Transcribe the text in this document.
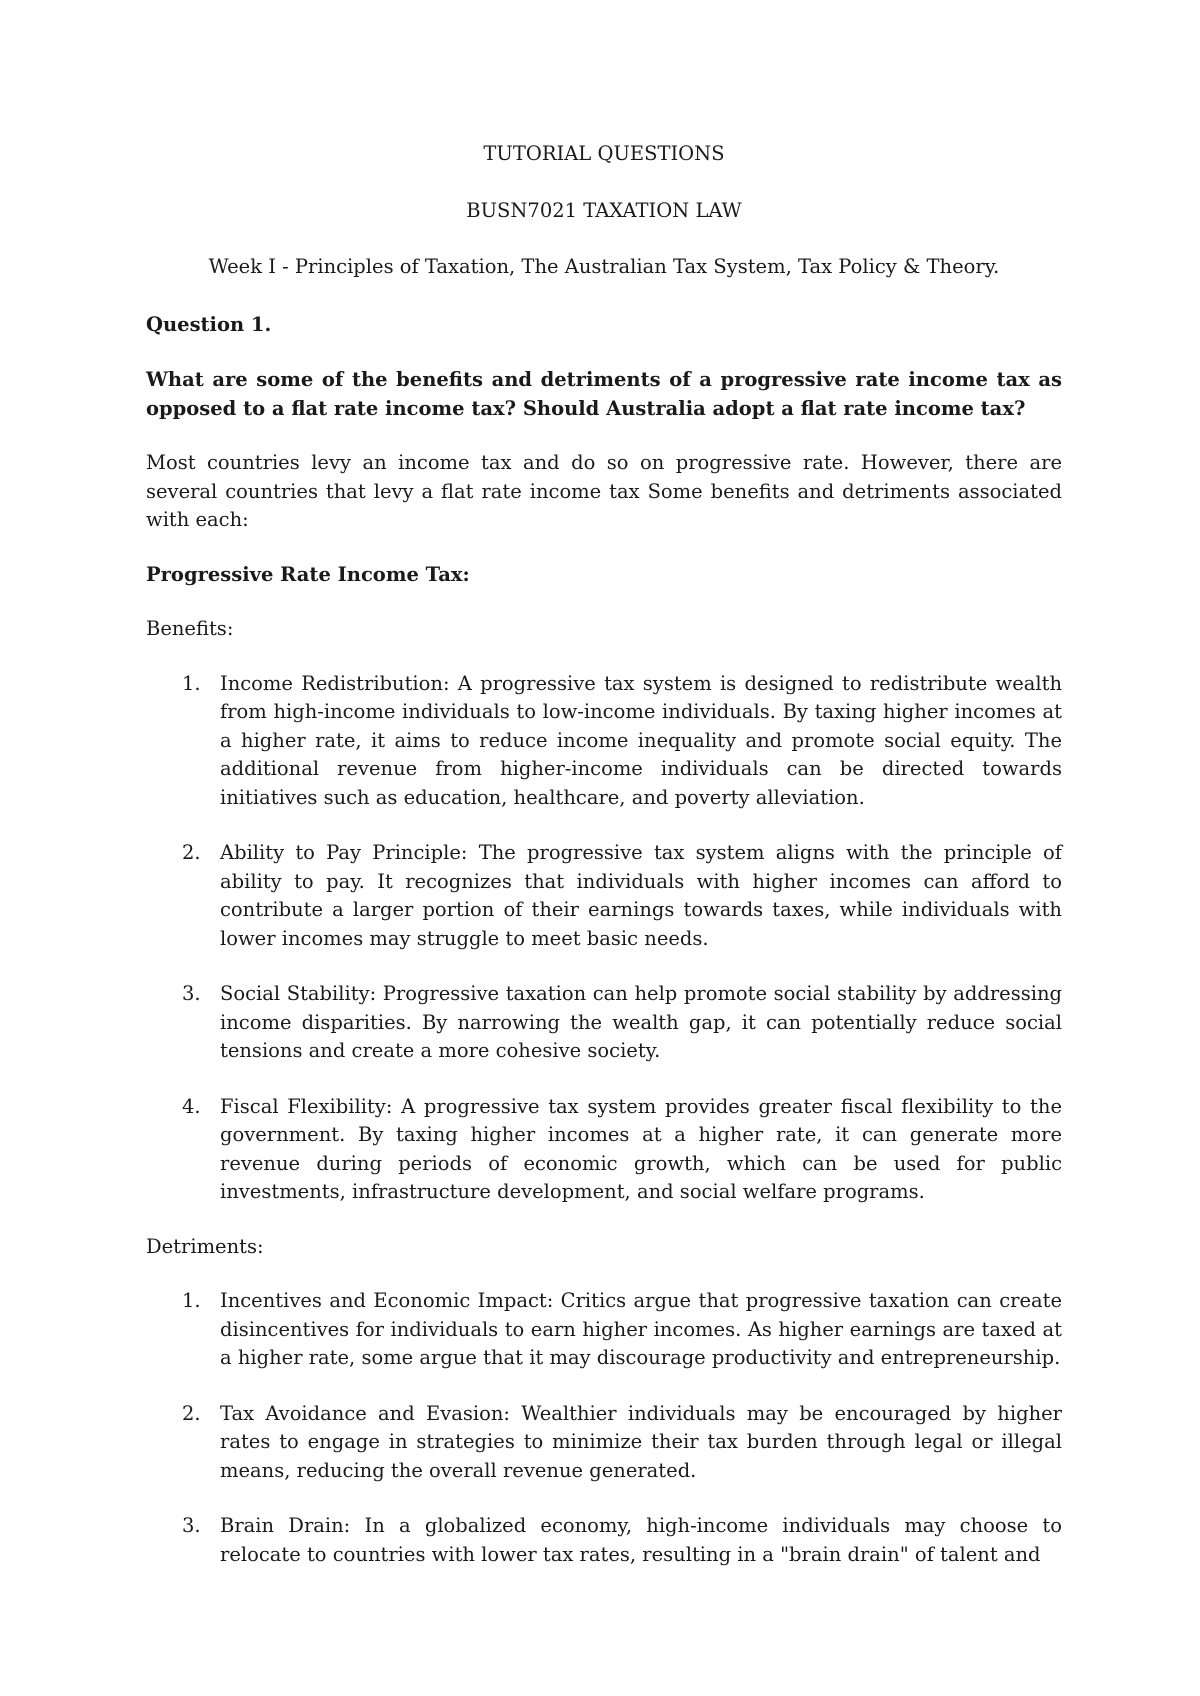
TUTORIAL QUESTIONS

BUSN7021 TAXATION LAW

Week I - Principles of Taxation, The Australian Tax System, Tax Policy & Theory.

Question 1.

What are some of the benefits and detriments of a progressive rate income tax as opposed to a flat rate income tax? Should Australia adopt a flat rate income tax?

Most countries levy an income tax and do so on progressive rate. However, there are several countries that levy a flat rate income tax Some benefits and detriments associated with each:

Progressive Rate Income Tax:

Benefits:

1. Income Redistribution: A progressive tax system is designed to redistribute wealth from high-income individuals to low-income individuals. By taxing higher incomes at a higher rate, it aims to reduce income inequality and promote social equity. The additional revenue from higher-income individuals can be directed towards initiatives such as education, healthcare, and poverty alleviation.
2. Ability to Pay Principle: The progressive tax system aligns with the principle of ability to pay. It recognizes that individuals with higher incomes can afford to contribute a larger portion of their earnings towards taxes, while individuals with lower incomes may struggle to meet basic needs.
3. Social Stability: Progressive taxation can help promote social stability by addressing income disparities. By narrowing the wealth gap, it can potentially reduce social tensions and create a more cohesive society.
4. Fiscal Flexibility: A progressive tax system provides greater fiscal flexibility to the government. By taxing higher incomes at a higher rate, it can generate more revenue during periods of economic growth, which can be used for public investments, infrastructure development, and social welfare programs.

Detriments:

1. Incentives and Economic Impact: Critics argue that progressive taxation can create disincentives for individuals to earn higher incomes. As higher earnings are taxed at a higher rate, some argue that it may discourage productivity and entrepreneurship.
2. Tax Avoidance and Evasion: Wealthier individuals may be encouraged by higher rates to engage in strategies to minimize their tax burden through legal or illegal means, reducing the overall revenue generated.
3. Brain Drain: In a globalized economy, high-income individuals may choose to relocate to countries with lower tax rates, resulting in a "brain drain" of talent and
